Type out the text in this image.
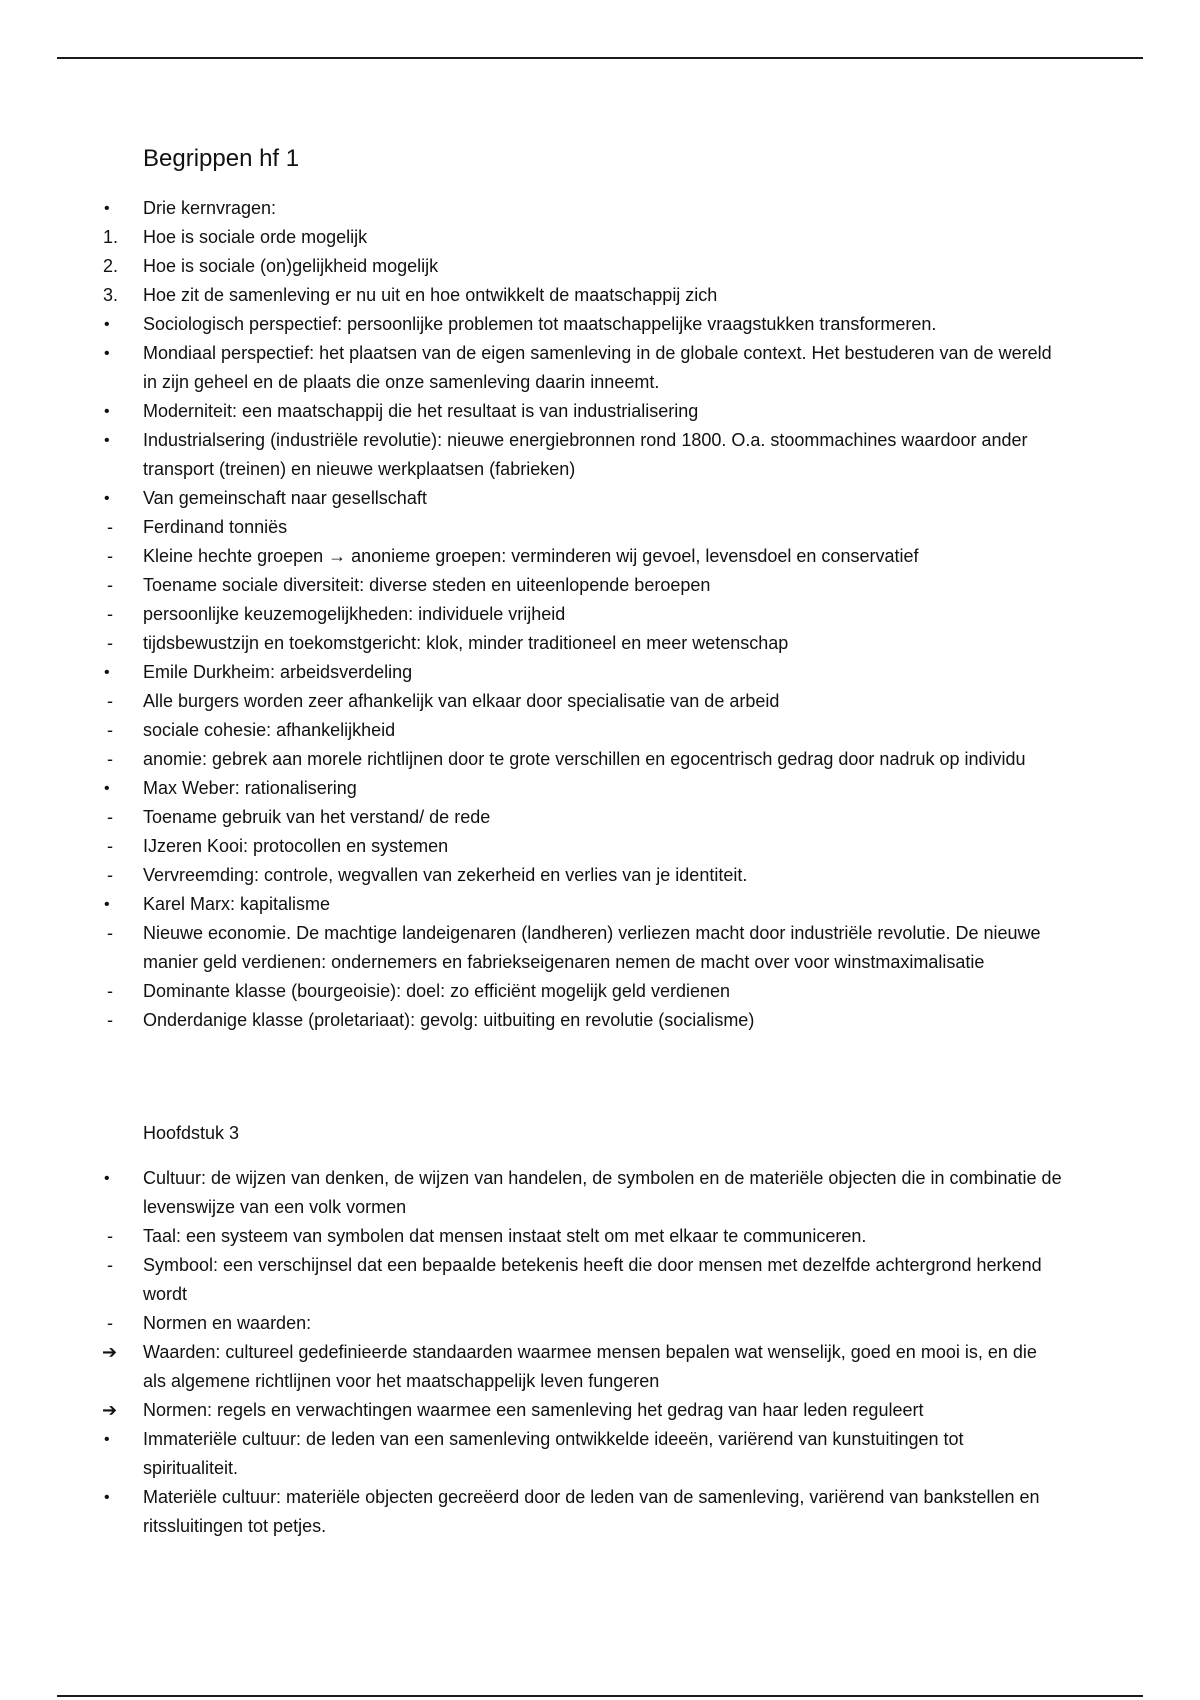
Begrippen hf 1
•	Drie kernvragen:
1.	Hoe is sociale orde mogelijk
2.	Hoe is sociale (on)gelijkheid mogelijk
3.	Hoe zit de samenleving er nu uit en hoe ontwikkelt de maatschappij zich
•	Sociologisch perspectief: persoonlijke problemen tot maatschappelijke vraagstukken transformeren.
•	Mondiaal perspectief: het plaatsen van de eigen samenleving in de globale context. Het bestuderen van de wereld in zijn geheel en de plaats die onze samenleving daarin inneemt.
•	Moderniteit: een maatschappij die het resultaat is van industrialisering
•	Industrialsering (industriële revolutie): nieuwe energiebronnen rond 1800. O.a. stoommachines waardoor ander transport (treinen) en nieuwe werkplaatsen (fabrieken)
•	Van gemeinschaft naar gesellschaft
-	Ferdinand tonniës
-	Kleine hechte groepen → anonieme groepen: verminderen wij gevoel, levensdoel en conservatief
-	Toename sociale diversiteit: diverse steden en uiteenlopende beroepen
-	persoonlijke keuzemogelijkheden: individuele vrijheid
-	tijdsbewustzijn en toekomstgericht: klok, minder traditioneel en meer wetenschap
•	Emile Durkheim: arbeidsverdeling
-	Alle burgers worden zeer afhankelijk van elkaar door specialisatie van de arbeid
-	sociale cohesie: afhankelijkheid
-	anomie: gebrek aan morele richtlijnen door te grote verschillen en egocentrisch gedrag door nadruk op individu
•	Max Weber: rationalisering
-	Toename gebruik van het verstand/ de rede
-	IJzeren Kooi: protocollen en systemen
-	Vervreemding: controle, wegvallen van zekerheid en verlies van je identiteit.
•	Karel Marx: kapitalisme
-	Nieuwe economie. De machtige landeigenaren (landheren) verliezen macht door industriële revolutie. De nieuwe manier geld verdienen: ondernemers en fabriekseigenaren nemen de macht over voor winstmaximalisatie
-	Dominante klasse (bourgeoisie): doel: zo efficiënt mogelijk geld verdienen
-	Onderdanige klasse (proletariaat): gevolg: uitbuiting en revolutie (socialisme)
Hoofdstuk 3
•	Cultuur: de wijzen van denken, de wijzen van handelen, de symbolen en de materiële objecten die in combinatie de levenswijze van een volk vormen
-	Taal: een systeem van symbolen dat mensen instaat stelt om met elkaar te communiceren.
-	Symbool: een verschijnsel dat een bepaalde betekenis heeft die door mensen met dezelfde achtergrond herkend wordt
-	Normen en waarden:
➔	Waarden: cultureel gedefinieerde standaarden waarmee mensen bepalen wat wenselijk, goed en mooi is, en die als algemene richtlijnen voor het maatschappelijk leven fungeren
➔	Normen: regels en verwachtingen waarmee een samenleving het gedrag van haar leden reguleert
•	Immateriële cultuur: de leden van een samenleving ontwikkelde ideeën, variërend van kunstuitingen tot spiritualiteit.
•	Materiële cultuur: materiële objecten gecreëerd door de leden van de samenleving, variërend van bankstellen en ritssluitingen tot petjes.
